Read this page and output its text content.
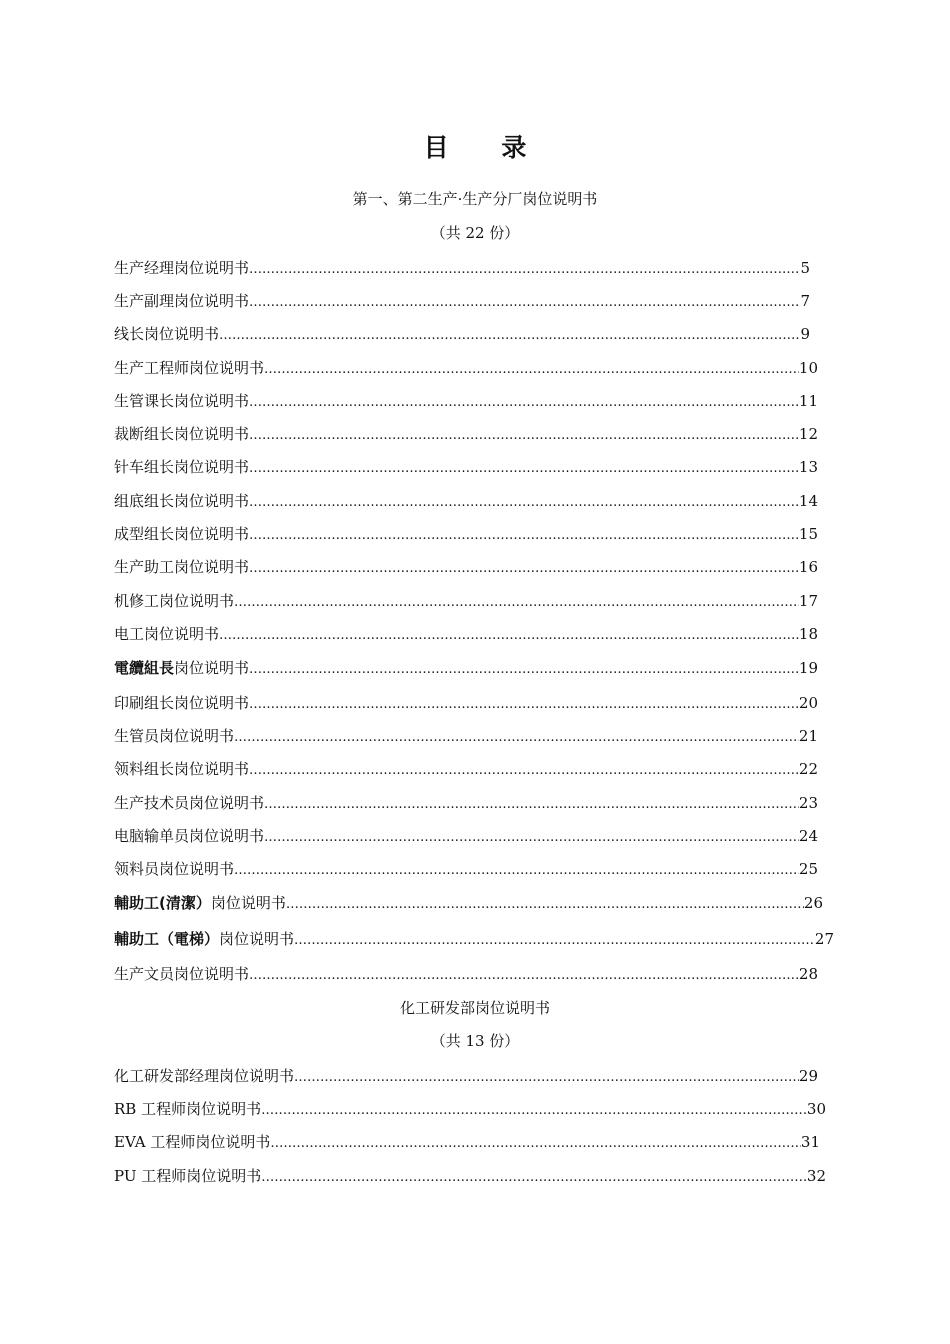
目 录
第一、第二生产·生产分厂岗位说明书
（共 22 份）
生产经理岗位说明书 …………………………………………………………………………………………………………………………………………………………………………………………………………………………………………………………	5
生产副理岗位说明书 …………………………………………………………………………………………………………………………………………………………………………………………………………………………………………………………	7
线长岗位说明书 …………………………………………………………………………………………………………………………………………………………………………………………………………………………………………………………	9
生产工程师岗位说明书 …………………………………………………………………………………………………………………………………………………………………………………………………………………………………………………………	10
生管课长岗位说明书 …………………………………………………………………………………………………………………………………………………………………………………………………………………………………………………………	11
裁断组长岗位说明书 …………………………………………………………………………………………………………………………………………………………………………………………………………………………………………………………	12
针车组长岗位说明书 …………………………………………………………………………………………………………………………………………………………………………………………………………………………………………………………	13
组底组长岗位说明书 …………………………………………………………………………………………………………………………………………………………………………………………………………………………………………………………	14
成型组长岗位说明书 …………………………………………………………………………………………………………………………………………………………………………………………………………………………………………………………	15
生产助工岗位说明书 …………………………………………………………………………………………………………………………………………………………………………………………………………………………………………………………	16
机修工岗位说明书 …………………………………………………………………………………………………………………………………………………………………………………………………………………………………………………………	17
电工岗位说明书 …………………………………………………………………………………………………………………………………………………………………………………………………………………………………………………………	18
電纜組長岗位说明书 …………………………………………………………………………………………………………………………………………………………………………………………………………………………………………………………	19
印刷组长岗位说明书 …………………………………………………………………………………………………………………………………………………………………………………………………………………………………………………………	20
生管员岗位说明书 …………………………………………………………………………………………………………………………………………………………………………………………………………………………………………………………	21
领料组长岗位说明书 …………………………………………………………………………………………………………………………………………………………………………………………………………………………………………………………	22
生产技术员岗位说明书 …………………………………………………………………………………………………………………………………………………………………………………………………………………………………………………………	23
电脑输单员岗位说明书 …………………………………………………………………………………………………………………………………………………………………………………………………………………………………………………………	24
领料员岗位说明书 …………………………………………………………………………………………………………………………………………………………………………………………………………………………………………………………	25
輔助工(清潔）岗位说明书 …………………………………………………………………………………………………………………………………………………………………………………………………………………………………………………………	26
輔助工（電梯）岗位说明书 …………………………………………………………………………………………………………………………………………………………………………………………………………………………………………………………	27
生产文员岗位说明书 …………………………………………………………………………………………………………………………………………………………………………………………………………………………………………………………	28
化工研发部岗位说明书
（共 13 份）
化工研发部经理岗位说明书 …………………………………………………………………………………………………………………………………………………………………………………………………………………………………………………………	29
RB 工程师岗位说明书 …………………………………………………………………………………………………………………………………………………………………………………………………………………………………………………………	30
EVA 工程师岗位说明书 …………………………………………………………………………………………………………………………………………………………………………………………………………………………………………………………	31
PU 工程师岗位说明书 …………………………………………………………………………………………………………………………………………………………………………………………………………………………………………………………	32
